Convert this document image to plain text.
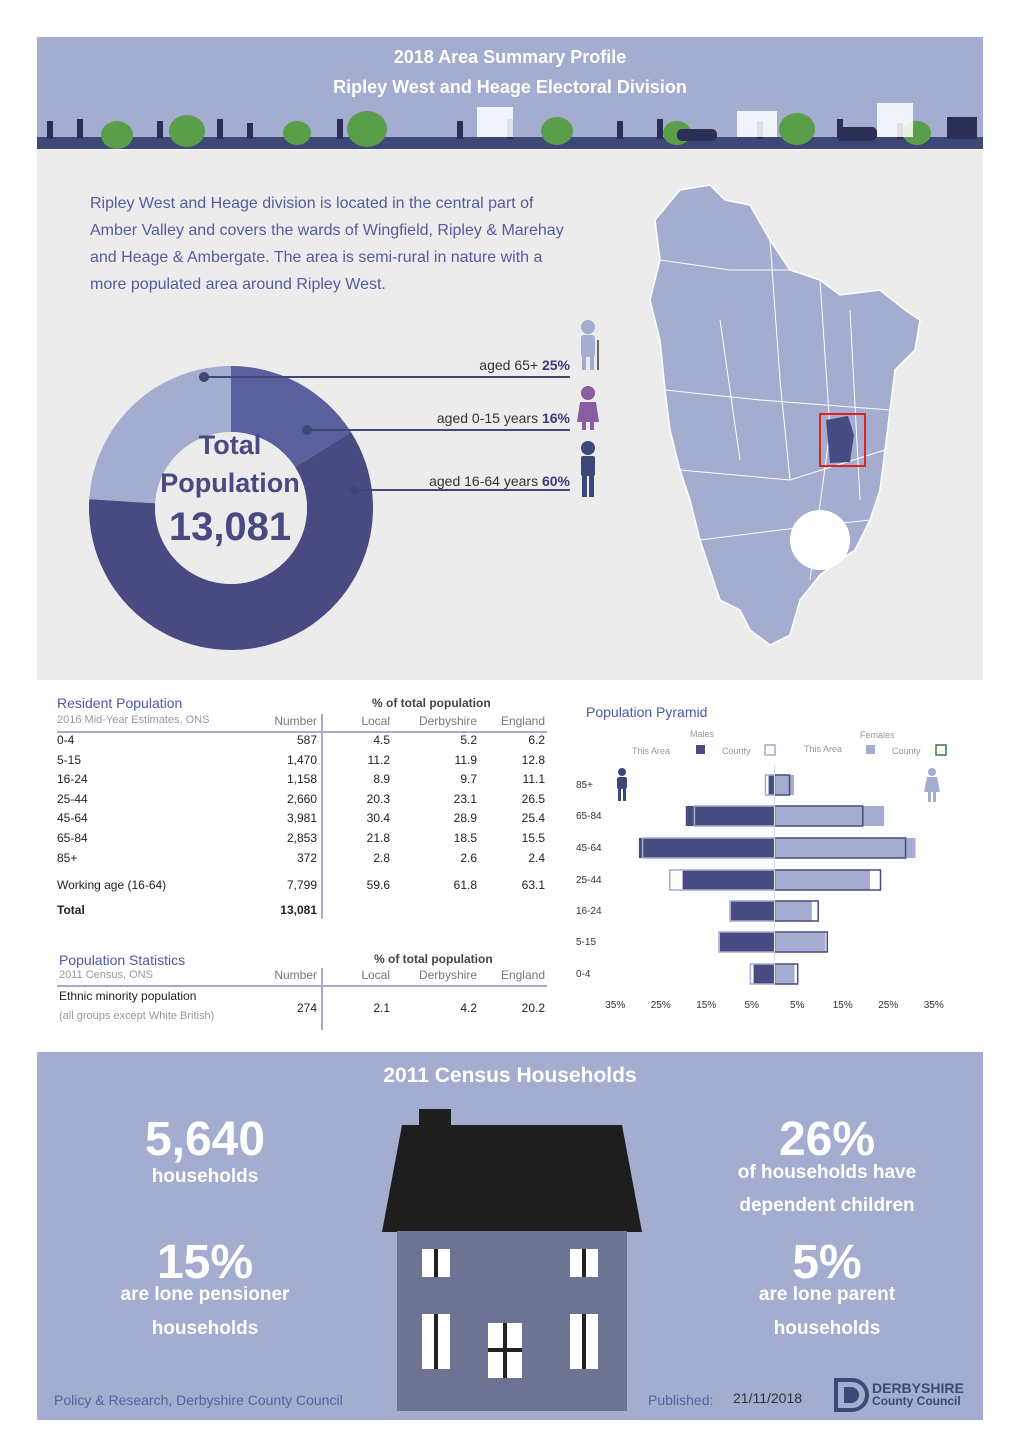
2018 Area Summary Profile
Ripley West and Heage Electoral Division
Ripley West and Heage division is located in the central part of Amber Valley and covers the wards of Wingfield, Ripley & Marehay and Heage & Ambergate. The area is semi-rural in nature with a more populated area around Ripley West.
Total
Population
13,081
aged 65+ 25%
aged 0-15 years 16%
aged 16-64 years 60%
Resident Population
2016 Mid-Year Estimates, ONS
% of total population
Number	Local	Derbyshire	England
0-4	587	4.5	5.2	6.2
5-15	1,470	11.2	11.9	12.8
16-24	1,158	8.9	9.7	11.1
25-44	2,660	20.3	23.1	26.5
45-64	3,981	30.4	28.9	25.4
65-84	2,853	21.8	18.5	15.5
85+	372	2.8	2.6	2.4
Working age (16-64)	7,799	59.6	61.8	63.1
Total	13,081
Population Statistics
2011 Census, ONS
% of total population
Number	Local	Derbyshire	England
Ethnic minority population
(all groups except White British)
274	2.1	4.2	20.2
Population Pyramid
Males	Females
This Area	County	This Area	County
85+
65-84
45-64
25-44
16-24
5-15
0-4
35%	25%	15%	5%	5%	15%	25%	35%
2011 Census Households
5,640
households
15%
are lone pensioner
households
26%
of households have
dependent children
5%
are lone parent
households
Policy & Research, Derbyshire County Council	Published: 21/11/2018
DERBYSHIRE
County Council
